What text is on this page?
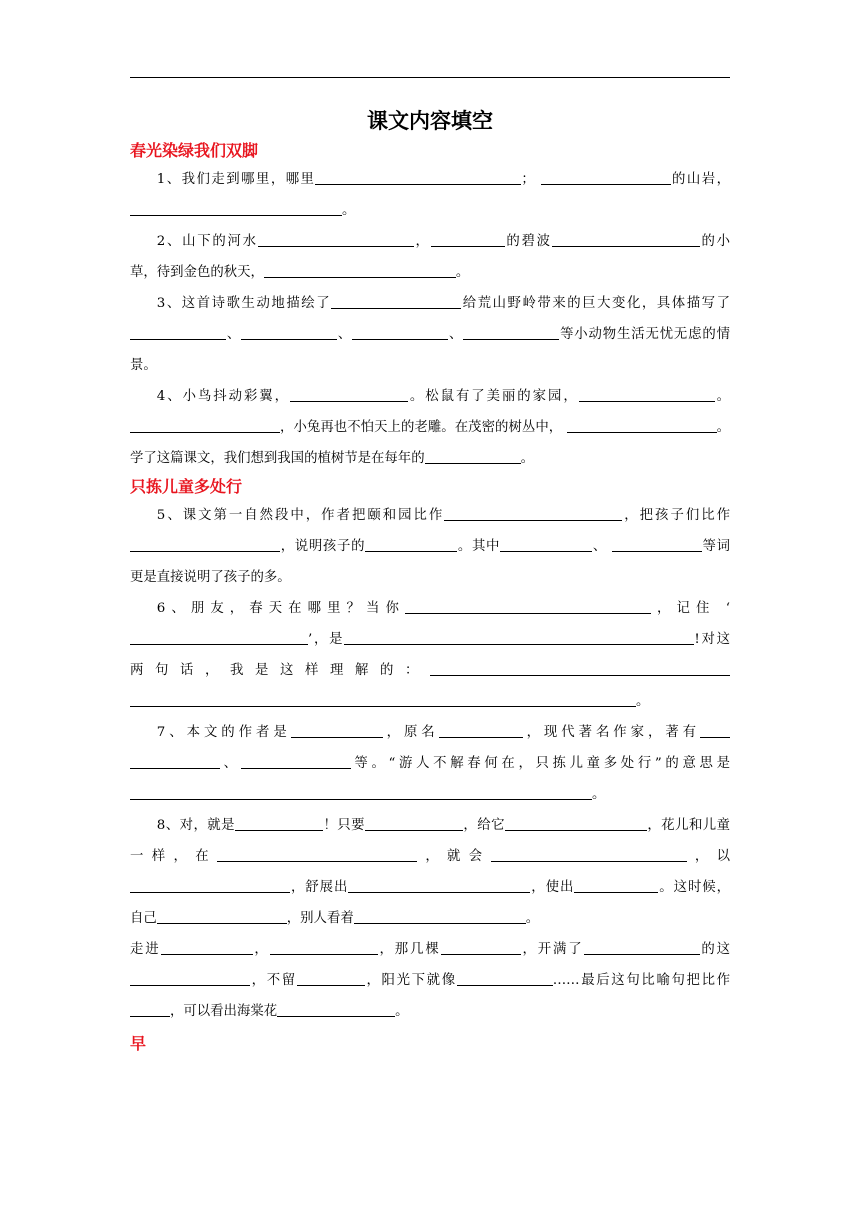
课文内容填空
春光染绿我们双脚

1、我们走到哪里，哪里	；	的山岩，。

2、山下的河水	，	的碧波	的小草，待到金色的秋天，	。

3、这首诗歌生动地描绘了	给荒山野岭带来的巨大变化，具体描写了、	、	、	等小动物生活无忧无虑的情景。

4、小鸟抖动彩翼，	。松鼠有了美丽的家园，	。 ，小兔再也不怕天上的老雕。在茂密的树丛中，	。学了这篇课文，我们想到我国的植树节是在每年的	。

只拣儿童多处行

5、课文第一自然段中，作者把颐和园比作	，把孩子们比作，说明孩子的	。其中	、	等词更是直接说明了孩子的多。

6、朋友，春天在哪里？当你	，记住 ‘’，是	!对这两句话，我是这样理解的： 。

7、本文的作者是	，原名	，现代著名作家，著有 、	等。“游人不解春何在，只拣儿童多处行”的意思是。

8、对，就是	！只要	，给它	，花儿和儿童一样，在	，就会	，以，舒展出	，使出	。这时候，自己	，别人看着	。

走进	，	，那几棵	，开满了	的这，不留	，阳光下就像	……最后这句比喻句把比作，可以看出海棠花	。

早
